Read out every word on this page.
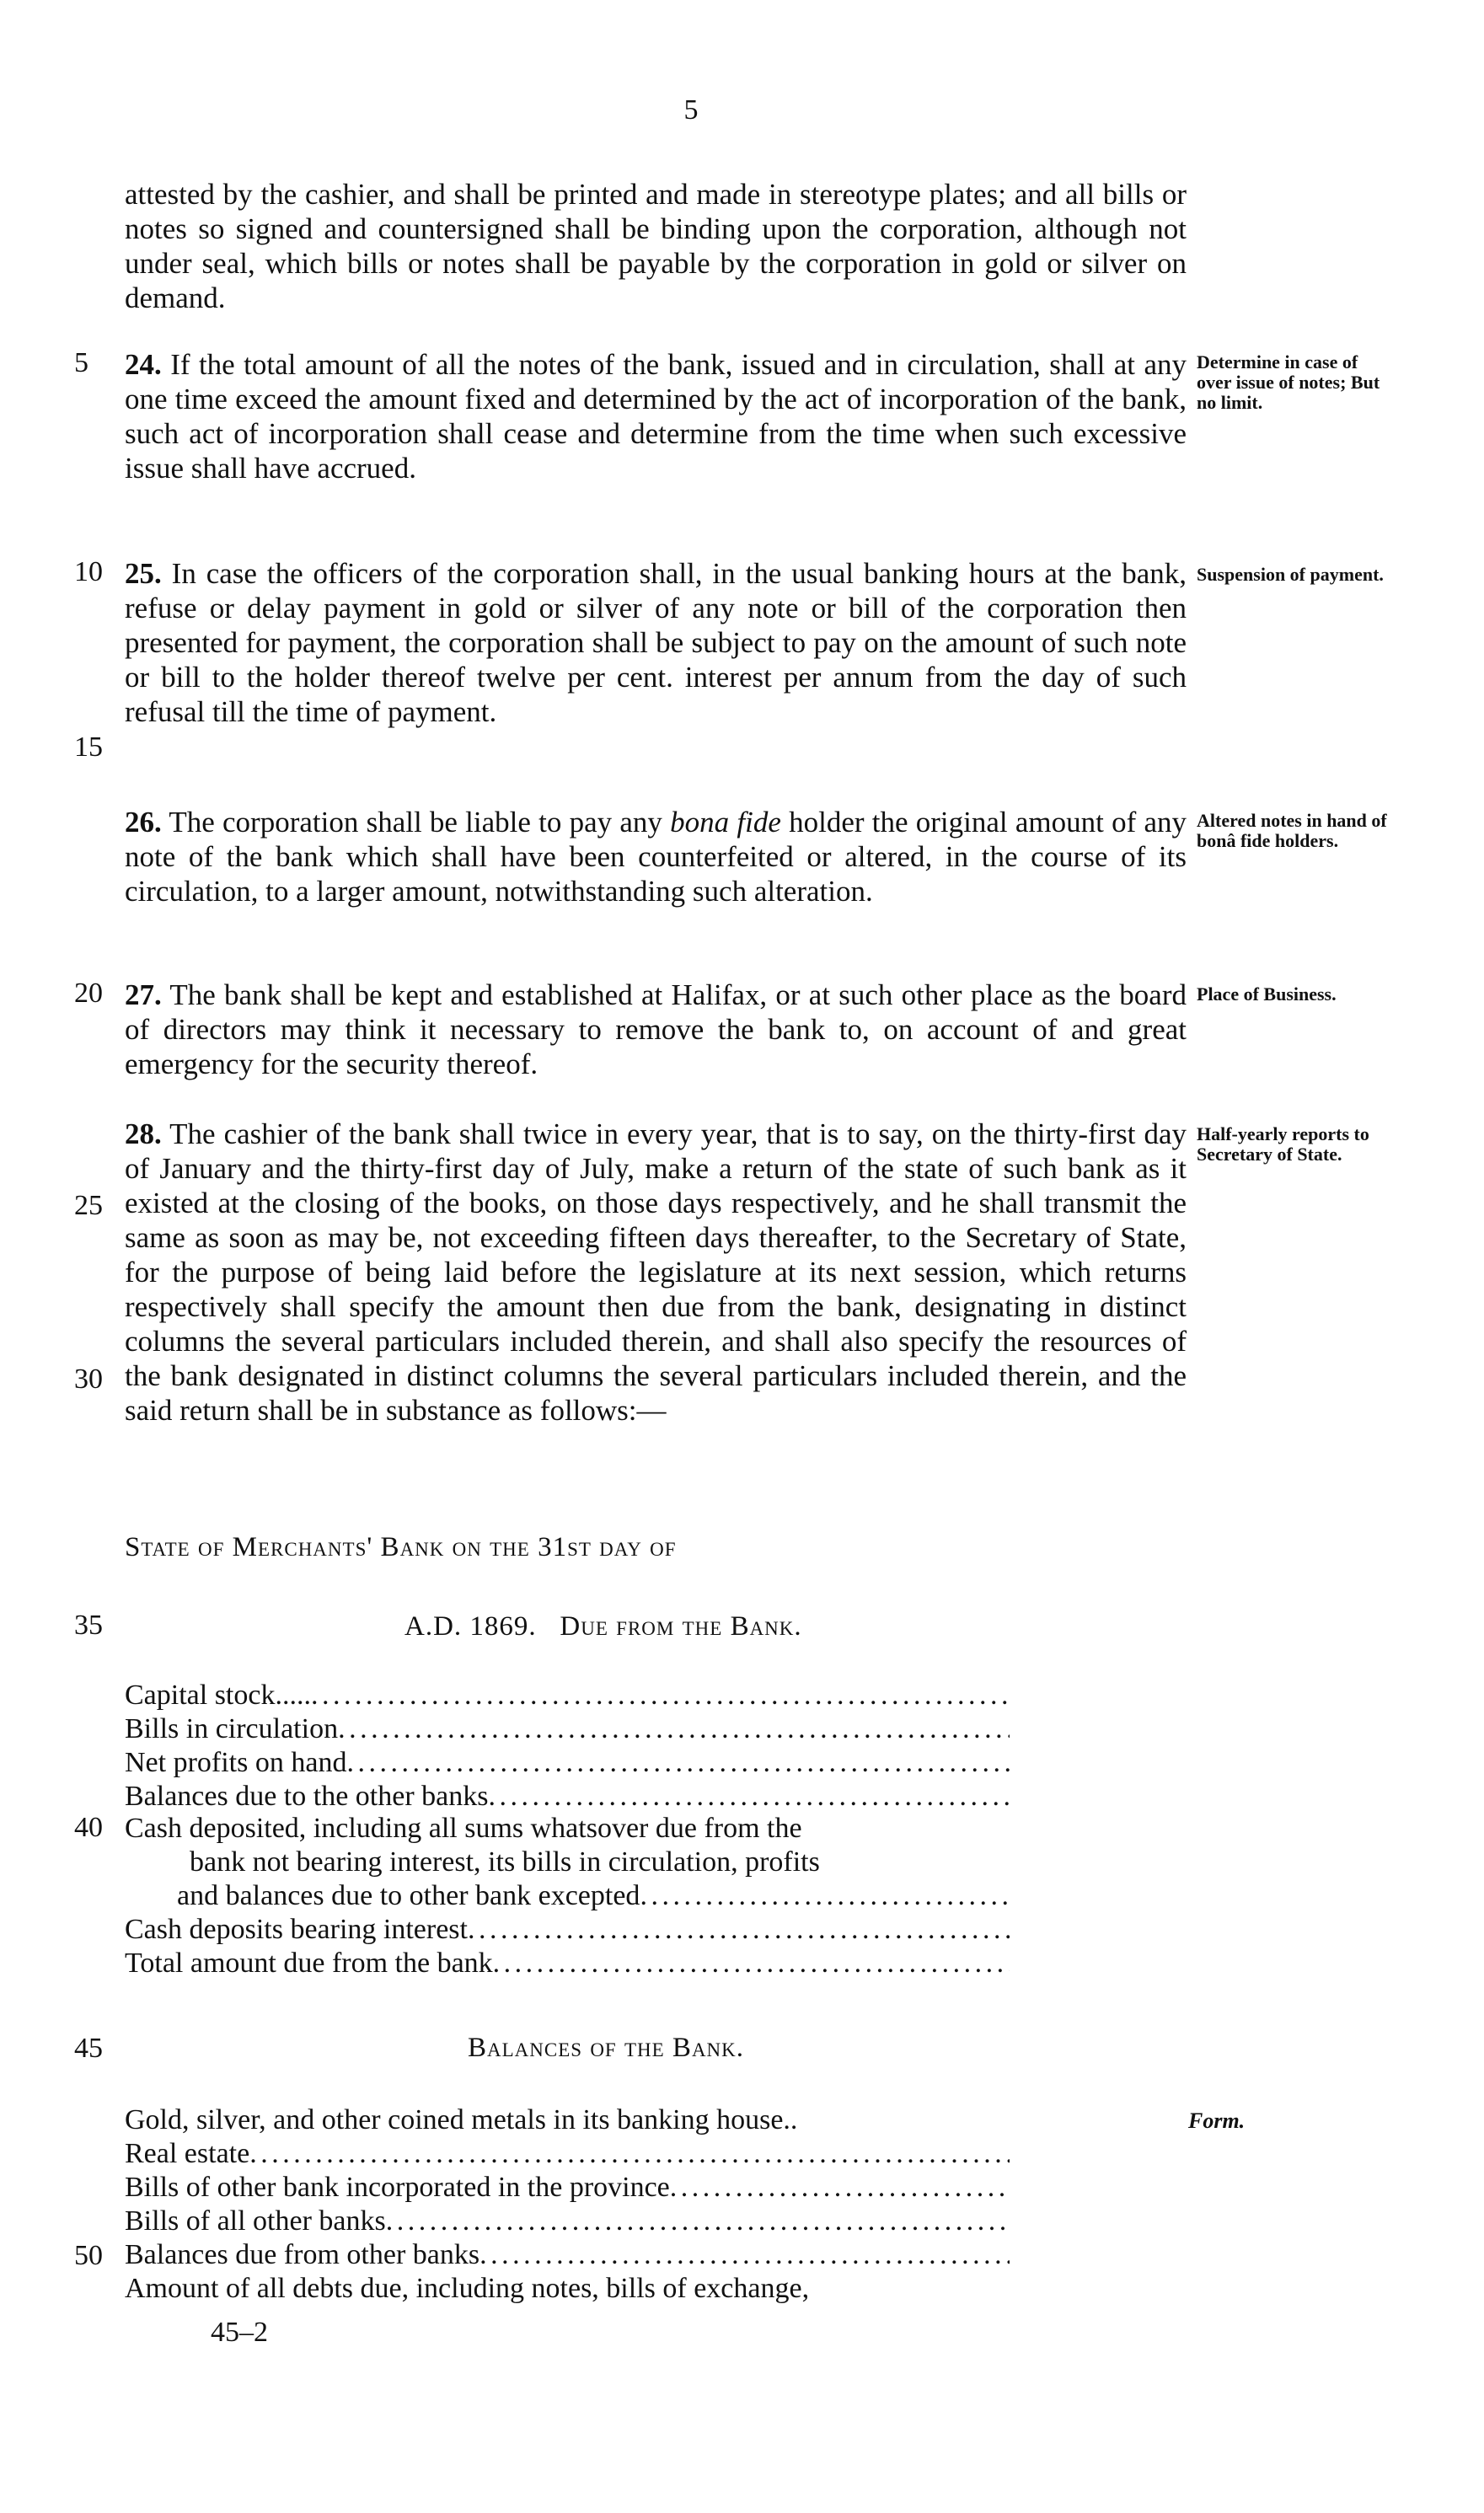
5

attested by the cashier, and shall be printed and made in stereotype plates; and all bills or notes so signed and countersigned shall be binding upon the corporation, although not under seal, which bills or notes shall be payable by the corporation in gold or silver on demand.

5
10
15
20
25
30
35
40
45
50

24. If the total amount of all the notes of the bank, issued and in circulation, shall at any one time exceed the amount fixed and determined by the act of incorporation of the bank, such act of incorporation shall cease and determine from the time when such excessive issue shall have accrued.

Determine in case of over issue of notes; But no limit.

25. In case the officers of the corporation shall, in the usual banking hours at the bank, refuse or delay payment in gold or silver of any note or bill of the corporation then presented for payment, the corporation shall be subject to pay on the amount of such note or bill to the holder thereof twelve per cent. interest per annum from the day of such refusal till the time of payment.

Suspension of payment.

26. The corporation shall be liable to pay any bona fide holder the original amount of any note of the bank which shall have been counterfeited or altered, in the course of its circulation, to a larger amount, notwithstanding such alteration.

Altered notes in hand of bonâ fide holders.

27. The bank shall be kept and established at Halifax, or at such other place as the board of directors may think it necessary to remove the bank to, on account of and great emergency for the security thereof.

Place of Business.

28. The cashier of the bank shall twice in every year, that is to say, on the thirty-first day of January and the thirty-first day of July, make a return of the state of such bank as it existed at the closing of the books, on those days respectively, and he shall transmit the same as soon as may be, not exceeding fifteen days thereafter, to the Secretary of State, for the purpose of being laid before the legislature at its next session, which returns respectively shall specify the amount then due from the bank, designating in distinct columns the several particulars included therein, and shall also specify the resources of the bank designated in distinct columns the several particulars included therein, and the said return shall be in substance as follows:—

Half-yearly reports to Secretary of State.
State of Merchants' Bank on the 31st day of
A.D. 1869. Due from the Bank.
Capital stock.....
. . .
Bills in circulation
. . .
Net profits on hand
. . .
Balances due to the other banks
. . .
Cash deposited, including all sums whatsover due from the
bank not bearing interest, its bills in circulation, profits
and balances due to other bank excepted
. . .
Cash deposits bearing interest
. . .
Total amount due from the bank
. . .
Balances of the Bank.
Gold, silver, and other coined metals in its banking house..	Form.
Real estate
. . .
Bills of other bank incorporated in the province
. . .
Bills of all other banks
. . .
Balances due from other banks
. . .
Amount of all debts due, including notes, bills of exchange,
45–2
